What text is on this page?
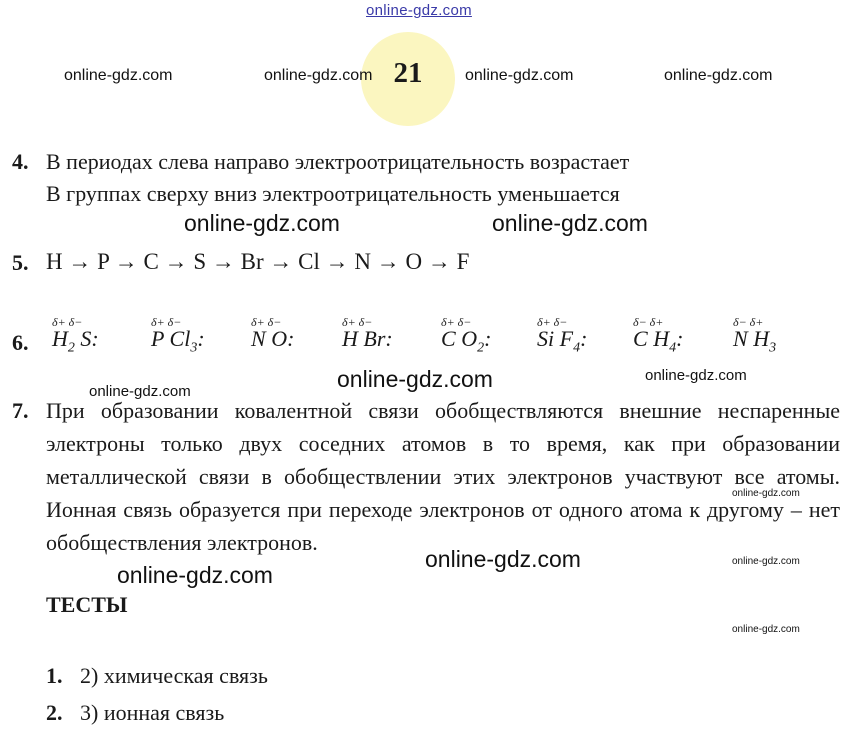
online-gdz.com
21
online-gdz.com	online-gdz.com	online-gdz.com	online-gdz.com
4. В периодах слева направо электроотрицательность возрастает
В группах сверху вниз электроотрицательность уменьшается
online-gdz.com	online-gdz.com
5. H → P → C → S → Br → Cl → N → O → F
6.
δ+ δ−
$H_2$ S:
δ+ δ−
P $Cl_3$:
δ+ δ−
N O:
δ+ δ−
H Br:
δ+ δ−
C $O_2$:
δ+ δ−
Si $F_4$:
δ− δ+
C $H_4$:
δ− δ+
N $H_3$
online-gdz.com	online-gdz.com	online-gdz.com
7. При образовании ковалентной связи обобществляются внешние неспаренные электроны только двух соседних атомов в то время, как при образовании металлической связи в обобществлении этих электронов участвуют все атомы. Ионная связь образуется при переходе электронов от одного атома к другому – нет обобществления электронов.
online-gdz.com
online-gdz.com
online-gdz.com
online-gdz.com
online-gdz.com
ТЕСТЫ
1. 2) химическая связь
2. 3) ионная связь
